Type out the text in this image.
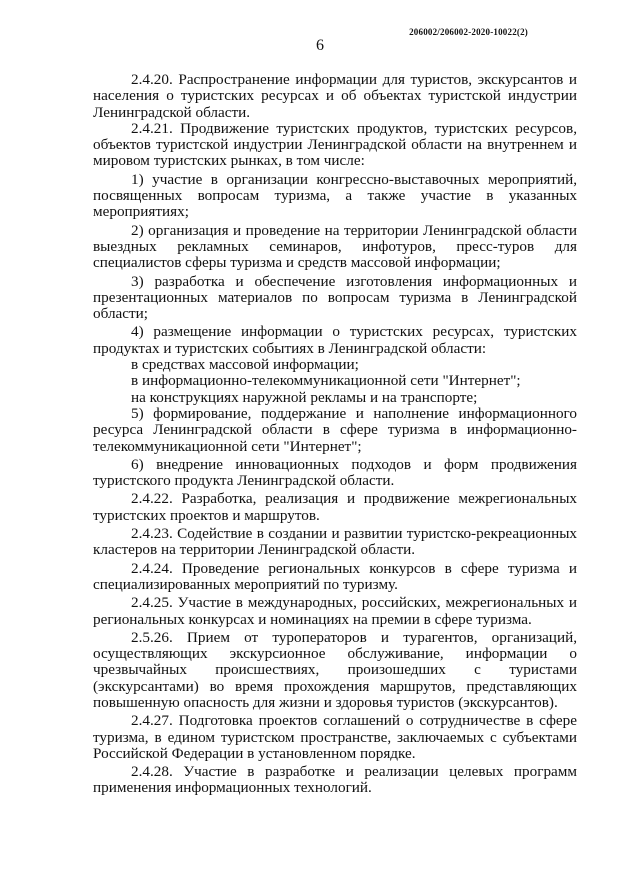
206002/206002-2020-10022(2)
6

2.4.20. Распространение информации для туристов, экскурсантов и населения о туристских ресурсах и об объектах туристской индустрии Ленинградской области.

2.4.21. Продвижение туристских продуктов, туристских ресурсов, объектов туристской индустрии Ленинградской области на внутреннем и мировом туристских рынках, в том числе:

1) участие в организации конгрессно-выставочных мероприятий, посвященных вопросам туризма, а также участие в указанных мероприятиях;

2) организация и проведение на территории Ленинградской области выездных рекламных семинаров, инфотуров, пресс-туров для специалистов сферы туризма и средств массовой информации;

3) разработка и обеспечение изготовления информационных и презентационных материалов по вопросам туризма в Ленинградской области;

4) размещение информации о туристских ресурсах, туристских продуктах и туристских событиях в Ленинградской области:

в средствах массовой информации;

в информационно-телекоммуникационной сети "Интернет";

на конструкциях наружной рекламы и на транспорте;

5) формирование, поддержание и наполнение информационного ресурса Ленинградской области в сфере туризма в информационно-телекоммуникационной сети "Интернет";

6) внедрение инновационных подходов и форм продвижения туристского продукта Ленинградской области.

2.4.22. Разработка, реализация и продвижение межрегиональных туристских проектов и маршрутов.

2.4.23. Содействие в создании и развитии туристско-рекреационных кластеров на территории Ленинградской области.

2.4.24. Проведение региональных конкурсов в сфере туризма и специализированных мероприятий по туризму.

2.4.25. Участие в международных, российских, межрегиональных и региональных конкурсах и номинациях на премии в сфере туризма.

2.5.26. Прием от туроператоров и турагентов, организаций, осуществляющих экскурсионное обслуживание, информации о чрезвычайных происшествиях, произошедших с туристами (экскурсантами) во время прохождения маршрутов, представляющих повышенную опасность для жизни и здоровья туристов (экскурсантов).

2.4.27. Подготовка проектов соглашений о сотрудничестве в сфере туризма, в едином туристском пространстве, заключаемых с субъектами Российской Федерации в установленном порядке.

2.4.28. Участие в разработке и реализации целевых программ применения информационных технологий.
